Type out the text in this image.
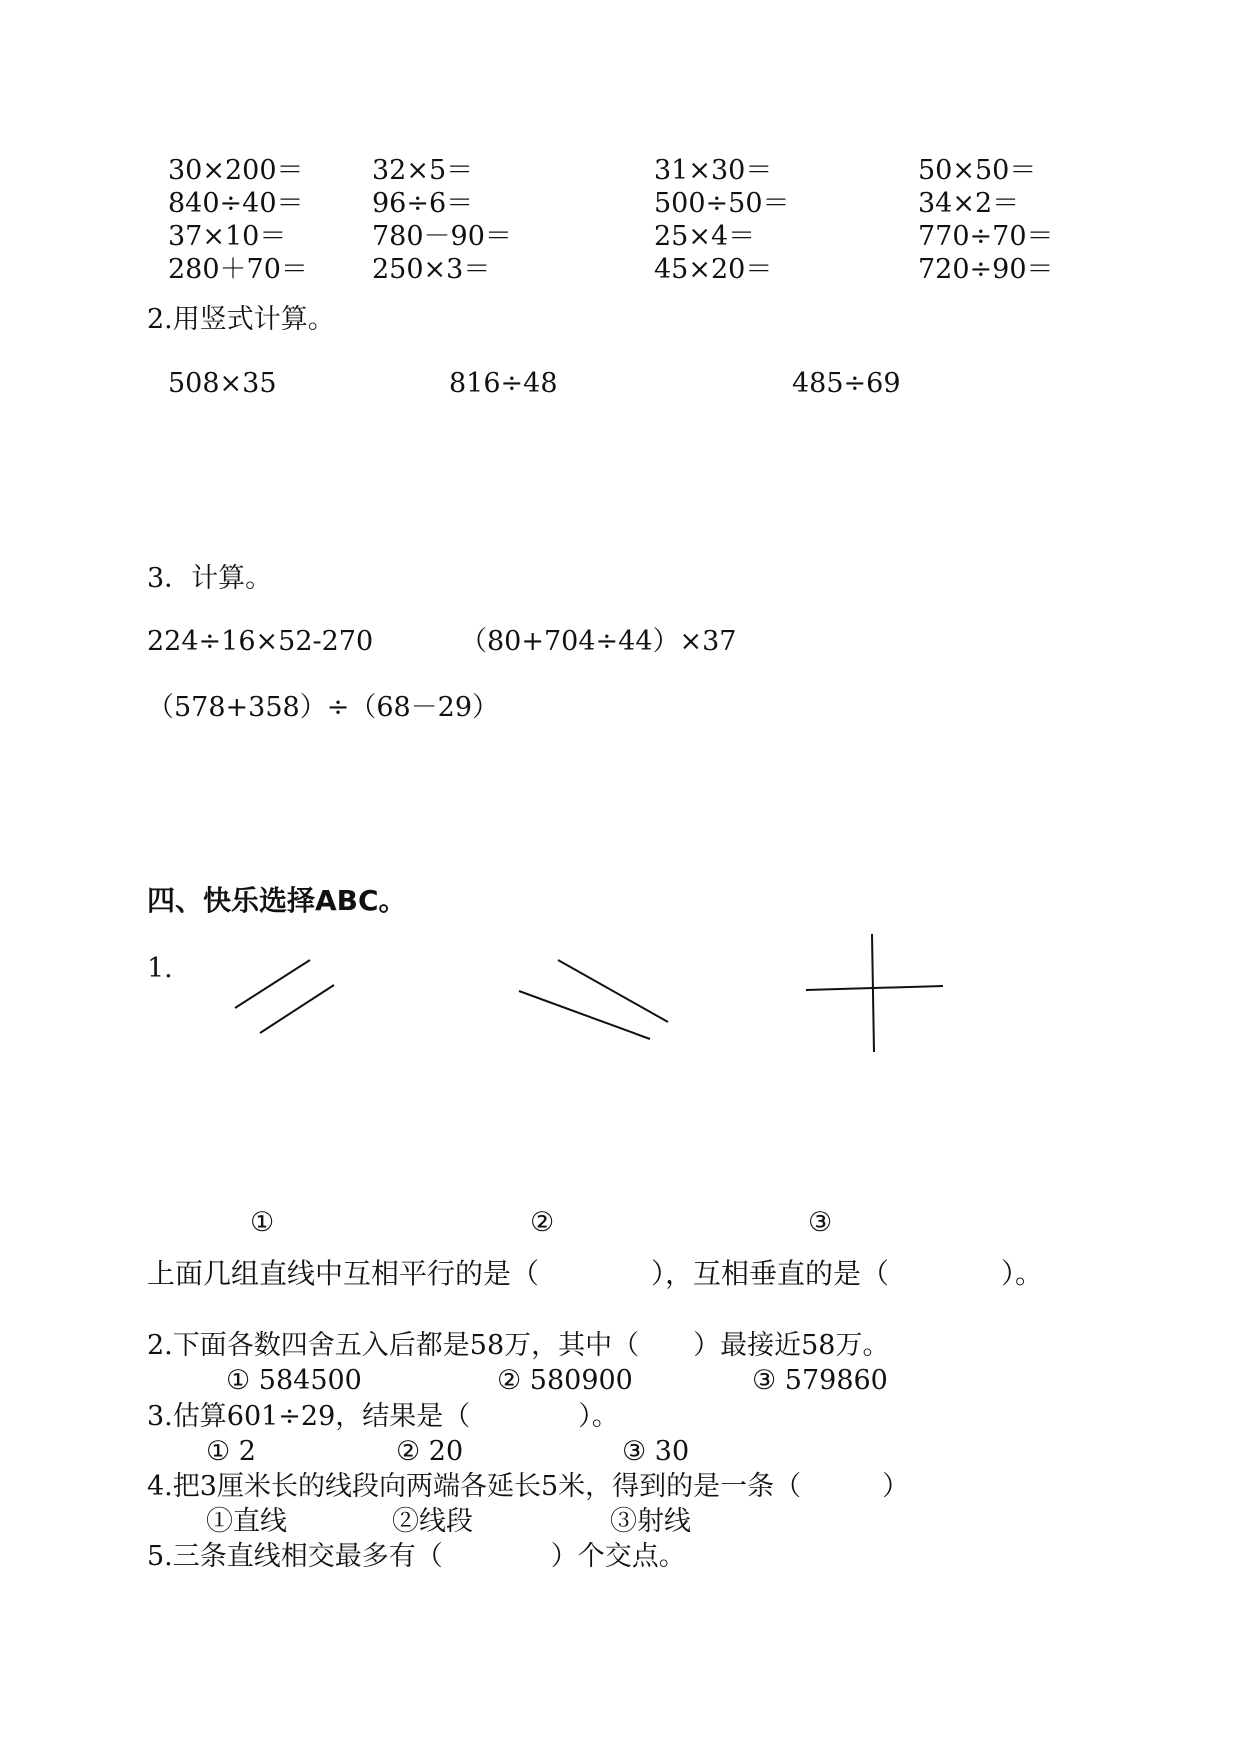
30×200＝	32×5＝	31×30＝	50×50＝
840÷40＝	96÷6＝	500÷50＝	34×2＝
37×10＝	780－90＝	25×4＝	770÷70＝
280＋70＝ 250×3＝	45×20＝	720÷90＝
2.用竖式计算。
508×35	816÷48	485÷69
3．计算。
224÷16×52-270	（80+704÷44）×37
（578+358）÷（68－29）
四、快乐选择ABC。
1.
①	②	③
上面几组直线中互相平行的是（　　　　），互相垂直的是（　　　　）。
2.下面各数四舍五入后都是58万，其中（　　）最接近58万。
① 584500	② 580900	③ 579860
3.估算601÷29，结果是（　　　　）。
① 2	② 20	③ 30
4.把3厘米长的线段向两端各延长5米，得到的是一条（　　　）
①直线	②线段	③射线
5.三条直线相交最多有（　　　　）个交点。
